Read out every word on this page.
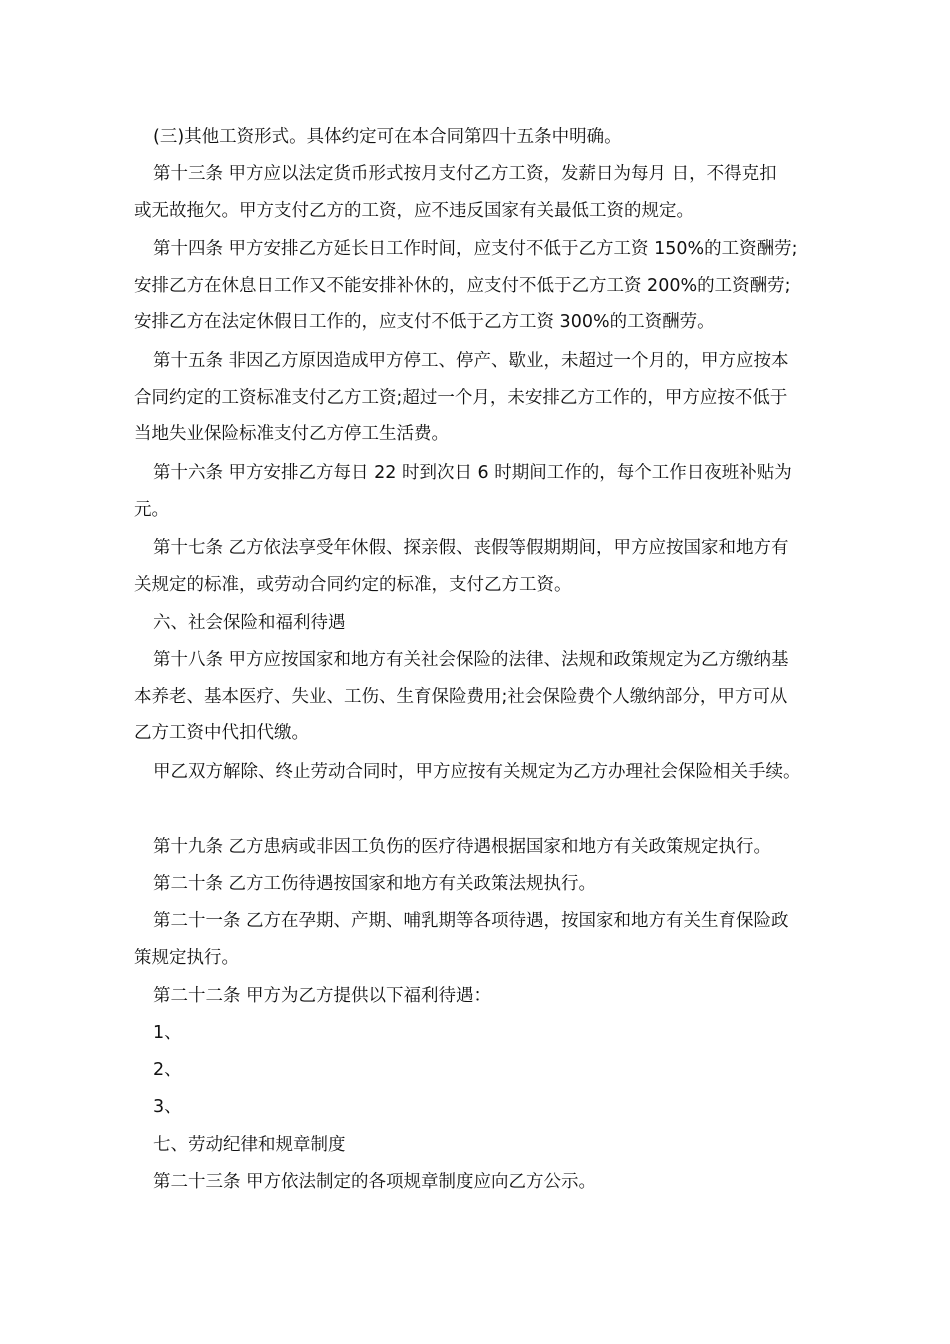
(三)其他工资形式。具体约定可在本合同第四十五条中明确。
第十三条 甲方应以法定货币形式按月支付乙方工资，发薪日为每月 日，不得克扣
或无故拖欠。甲方支付乙方的工资，应不违反国家有关最低工资的规定。
第十四条 甲方安排乙方延长日工作时间，应支付不低于乙方工资 150%的工资酬劳;
安排乙方在休息日工作又不能安排补休的，应支付不低于乙方工资 200%的工资酬劳;
安排乙方在法定休假日工作的，应支付不低于乙方工资 300%的工资酬劳。
第十五条 非因乙方原因造成甲方停工、停产、歇业，未超过一个月的，甲方应按本
合同约定的工资标准支付乙方工资;超过一个月，未安排乙方工作的，甲方应按不低于
当地失业保险标准支付乙方停工生活费。
第十六条 甲方安排乙方每日 22 时到次日 6 时期间工作的，每个工作日夜班补贴为
元。
第十七条 乙方依法享受年休假、探亲假、丧假等假期期间，甲方应按国家和地方有
关规定的标准，或劳动合同约定的标准，支付乙方工资。
六、社会保险和福利待遇
第十八条 甲方应按国家和地方有关社会保险的法律、法规和政策规定为乙方缴纳基
本养老、基本医疗、失业、工伤、生育保险费用;社会保险费个人缴纳部分，甲方可从
乙方工资中代扣代缴。
甲乙双方解除、终止劳动合同时，甲方应按有关规定为乙方办理社会保险相关手续。
第十九条 乙方患病或非因工负伤的医疗待遇根据国家和地方有关政策规定执行。
第二十条 乙方工伤待遇按国家和地方有关政策法规执行。
第二十一条 乙方在孕期、产期、哺乳期等各项待遇，按国家和地方有关生育保险政
策规定执行。
第二十二条 甲方为乙方提供以下福利待遇：
1、
2、
3、
七、劳动纪律和规章制度
第二十三条 甲方依法制定的各项规章制度应向乙方公示。
